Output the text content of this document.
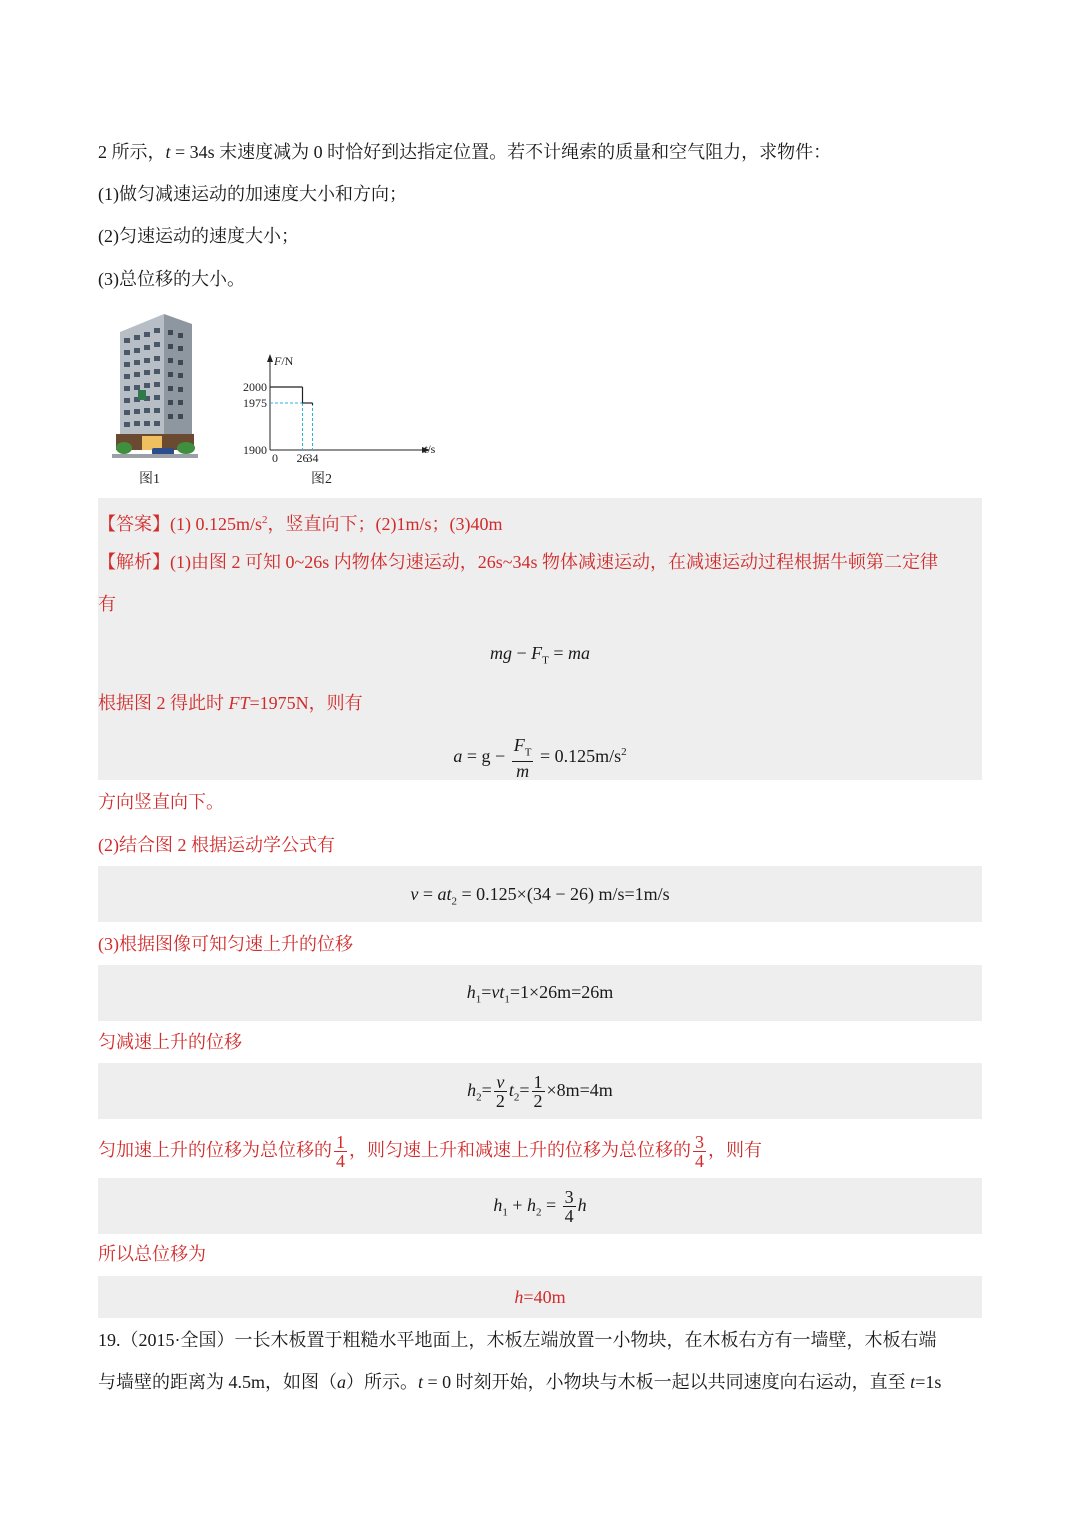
2 所示，t = 34s 末速度减为 0 时恰好到达指定位置。若不计绳索的质量和空气阻力，求物件：
(1)做匀减速运动的加速度大小和方向；
(2)匀速运动的速度大小；
(3)总位移的大小。
图1
F/N
t/s
0
2000
1975
1900
26
34
图2
【答案】(1) $0.125m/s^2$，竖直向下；(2)1m/s；(3)40m
【解析】(1)由图 2 可知 0~26s 内物体匀速运动，26s~34s 物体减速运动，在减速运动过程根据牛顿第二定律
有
mg − $F_T$ = ma
根据图 2 得此时 FT=1975N，则有
$a = g - \frac{F_T}{m} = 0.125m/s^2$
方向竖直向下。
(2)结合图 2 根据运动学公式有
$v = at_2 = 0.125\times(34 - 26)$ m/s=1m/s
(3)根据图像可知匀速上升的位移
$h_1=vt_1=1\times 26m=26m$
匀减速上升的位移
$h_2= \frac{v}{2} t_2= \frac{1}{2} \times 8m=4m$
匀加速上升的位移为总位移的 $\frac{1}{4}$ ，则匀速上升和减速上升的位移为总位移的 $\frac{3}{4}$ ，则有
$h_1 + h_2 = \frac{3}{4}$ h
所以总位移为
h=40m
19.（2015·全国）一长木板置于粗糙水平地面上，木板左端放置一小物块，在木板右方有一墙壁，木板右端
与墙壁的距离为 4.5m，如图（a）所示。t = 0 时刻开始，小物块与木板一起以共同速度向右运动，直至 t=1s
